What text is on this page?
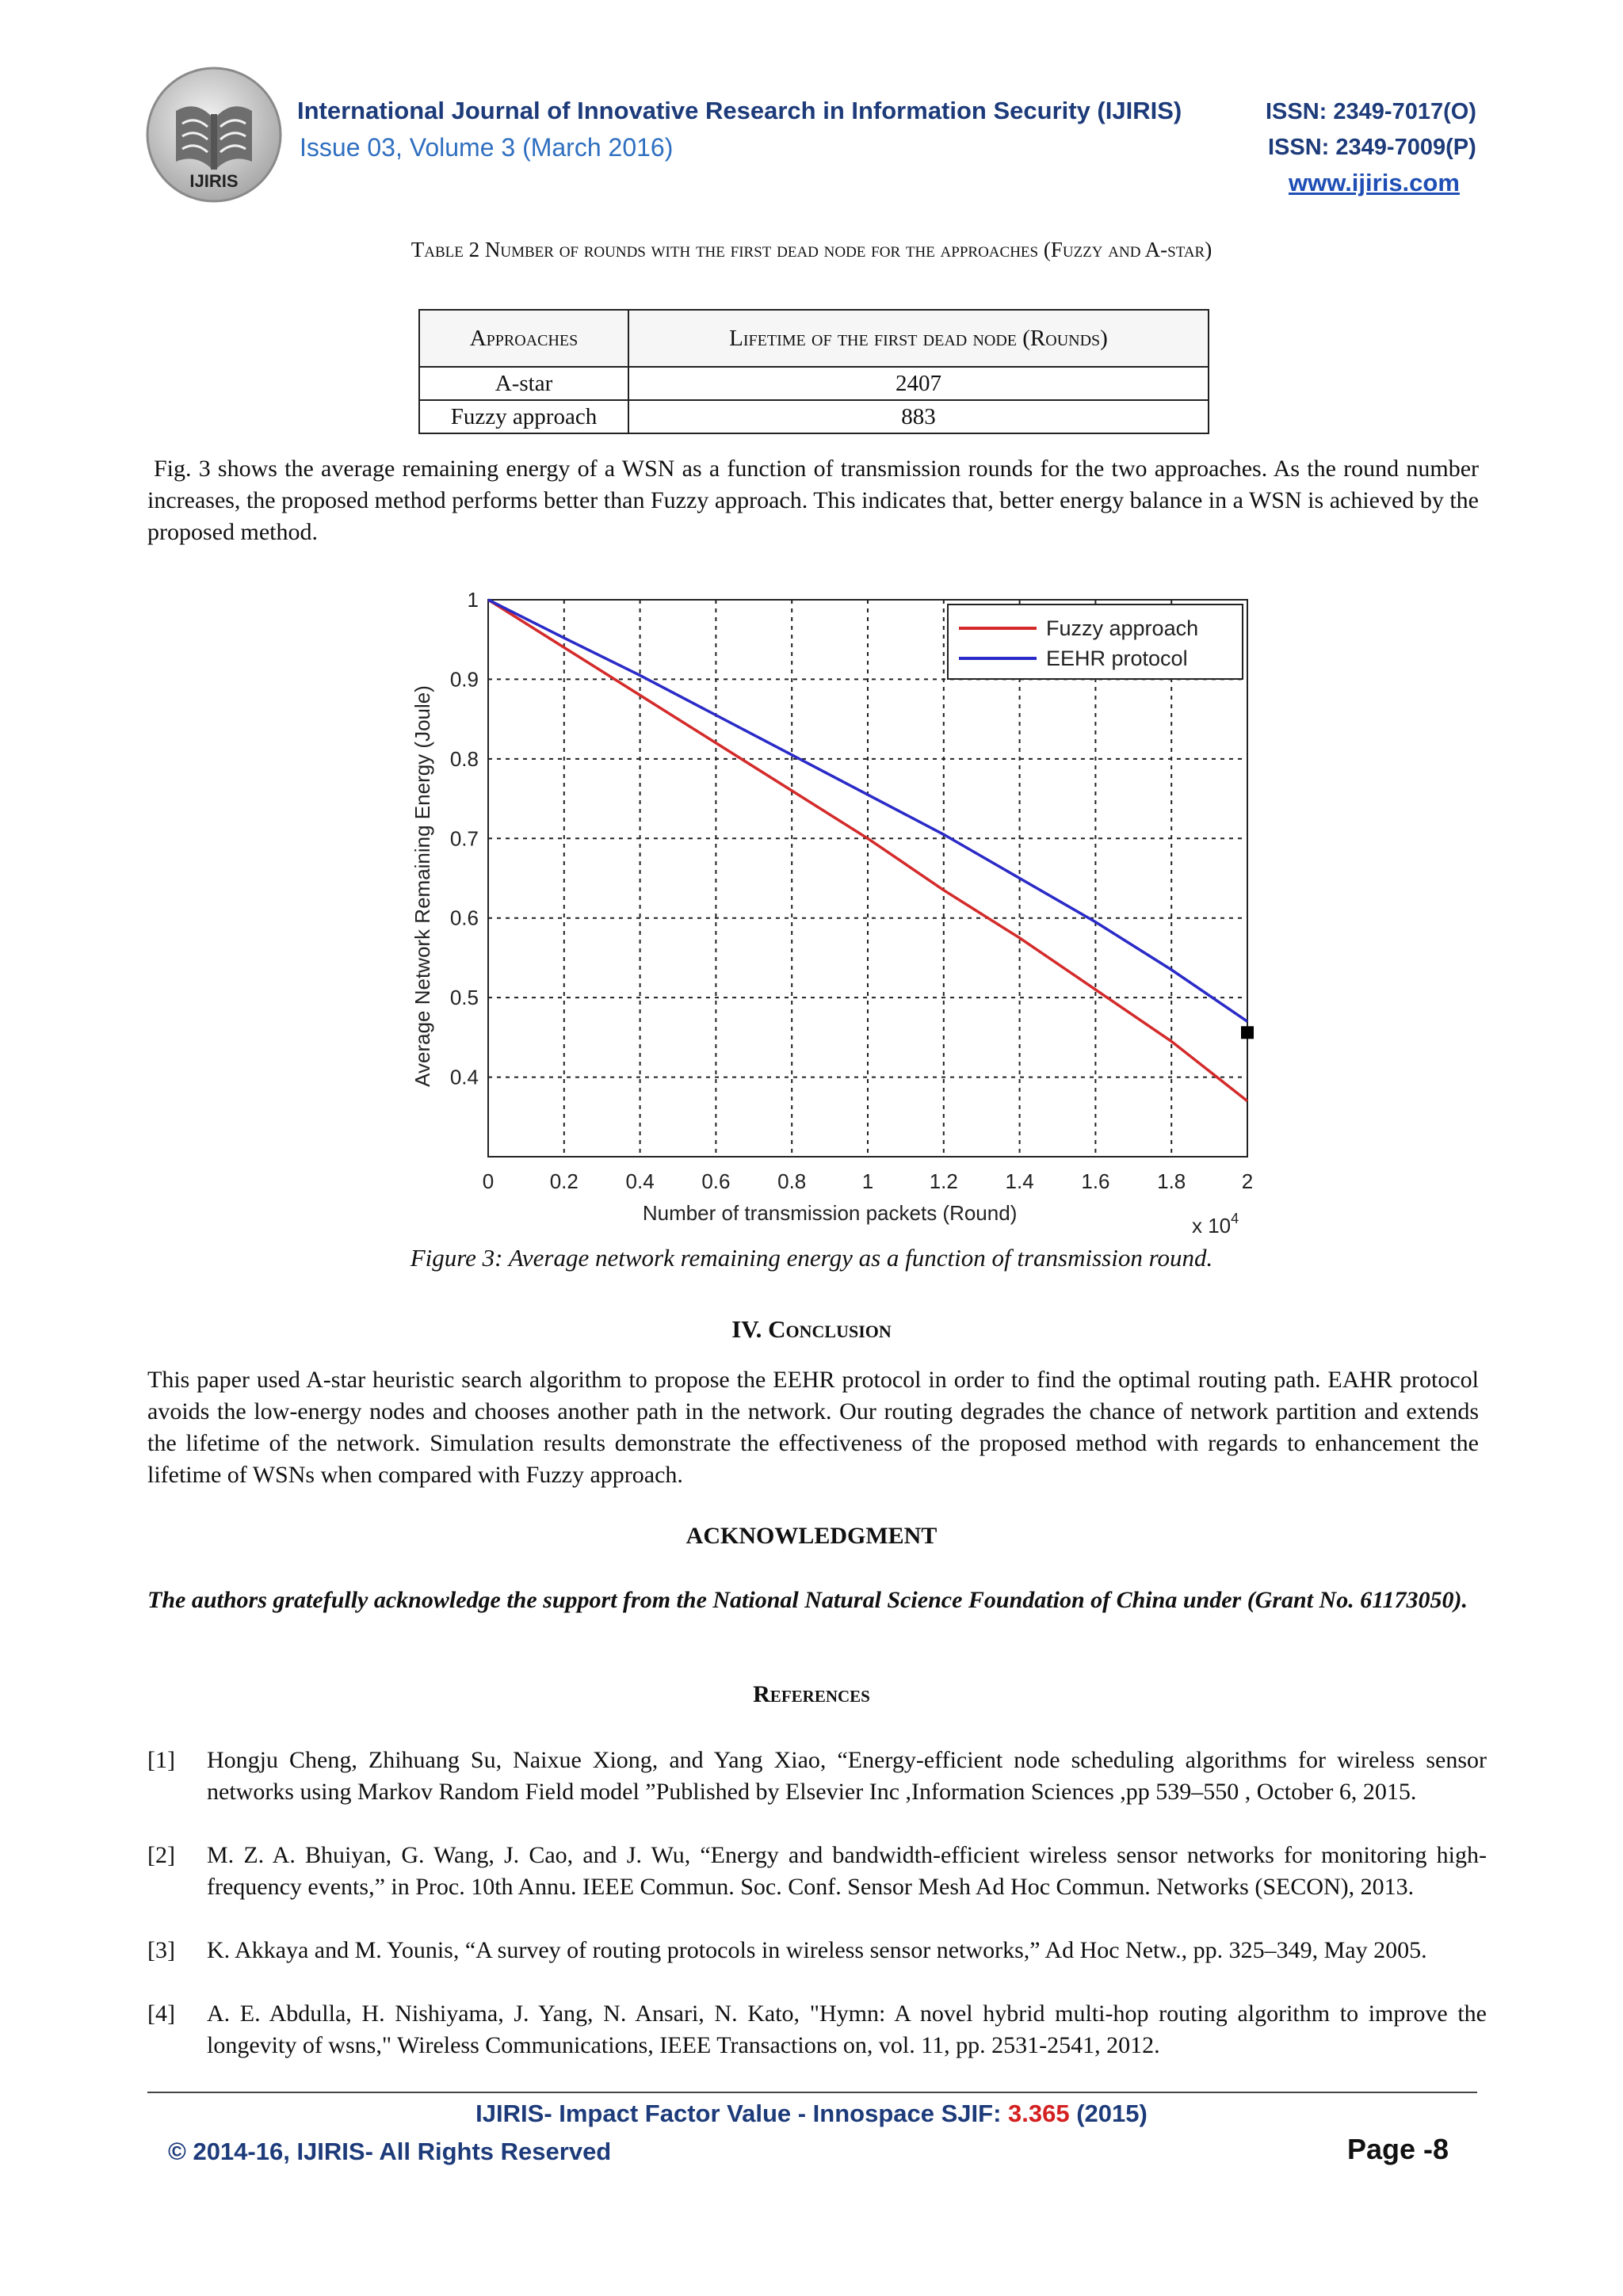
IJIRIS
International Journal of Innovative Research in Information Security (IJIRIS)	ISSN: 2349-7017(O)
Issue 03, Volume 3 (March 2016)	ISSN: 2349-7009(P)
www.ijiris.com
Table 2 Number of rounds with the first dead node for the approaches (Fuzzy and A-star)
Approaches	Lifetime of the first dead node (Rounds)
A-star	2407
Fuzzy approach	883
Fig. 3 shows the average remaining energy of a WSN as a function of transmission rounds for the two approaches. As the round number increases, the proposed method performs better than Fuzzy approach. This indicates that, better energy balance in a WSN is achieved by the proposed method.
0	0.2 0.4 0.6 0.8	1	1.2 1.4 1.6 1.8	2
0.4
0.5
0.6
0.7
0.8
0.9
1
Fuzzy approach
EEHR protocol
Number of transmission packets (Round)
Average Network Remaining Energy (Joule)
x $10^4$
Figure 3: Average network remaining energy as a function of transmission round.
IV. Conclusion
This paper used A-star heuristic search algorithm to propose the EEHR protocol in order to find the optimal routing path. EAHR protocol avoids the low-energy nodes and chooses another path in the network. Our routing degrades the chance of network partition and extends the lifetime of the network. Simulation results demonstrate the effectiveness of the proposed method with regards to enhancement the lifetime of WSNs when compared with Fuzzy approach.
ACKNOWLEDGMENT
The authors gratefully acknowledge the support from the National Natural Science Foundation of China under (Grant No. 61173050).
References
[1] Hongju Cheng, Zhihuang Su, Naixue Xiong, and Yang Xiao, “Energy-efficient node scheduling algorithms for wireless sensor networks using Markov Random Field model ”Published by Elsevier Inc ,Information Sciences ,pp 539–550 , October 6, 2015.
[2] M. Z. A. Bhuiyan, G. Wang, J. Cao, and J. Wu, “Energy and bandwidth-efficient wireless sensor networks for monitoring high-frequency events,” in Proc. 10th Annu. IEEE Commun. Soc. Conf. Sensor Mesh Ad Hoc Commun. Networks (SECON), 2013.
[3] K. Akkaya and M. Younis, “A survey of routing protocols in wireless sensor networks,” Ad Hoc Netw., pp. 325–349, May 2005.
[4] A. E. Abdulla, H. Nishiyama, J. Yang, N. Ansari, N. Kato, "Hymn: A novel hybrid multi-hop routing algorithm to improve the longevity of wsns," Wireless Communications, IEEE Transactions on, vol. 11, pp. 2531-2541, 2012.
IJIRIS- Impact Factor Value - Innospace SJIF: 3.365 (2015)
© 2014-16, IJIRIS- All Rights Reserved	Page -8
